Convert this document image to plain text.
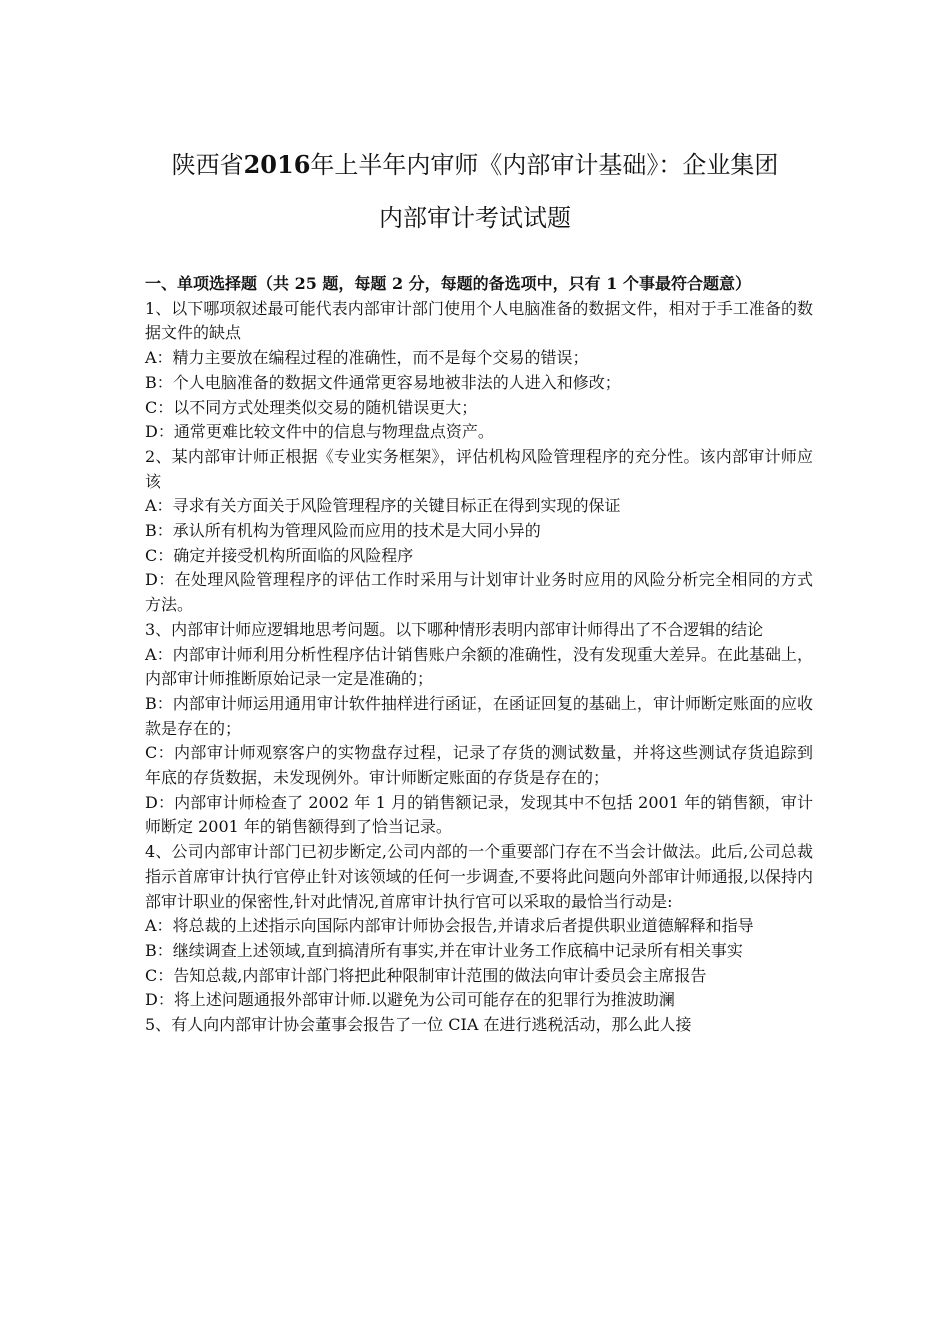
陕西省2016年上半年内审师《内部审计基础》：企业集团
内部审计考试试题

一、单项选择题（共 25 题，每题 2 分，每题的备选项中，只有 1 个事最符合题意）

1、以下哪项叙述最可能代表内部审计部门使用个人电脑准备的数据文件，相对于手工准备的数据文件的缺点

A：精力主要放在编程过程的准确性，而不是每个交易的错误；

B：个人电脑准备的数据文件通常更容易地被非法的人进入和修改；

C：以不同方式处理类似交易的随机错误更大；

D：通常更难比较文件中的信息与物理盘点资产。

2、某内部审计师正根据《专业实务框架》，评估机构风险管理程序的充分性。该内部审计师应该

A：寻求有关方面关于风险管理程序的关键目标正在得到实现的保证

B：承认所有机构为管理风险而应用的技术是大同小异的

C：确定并接受机构所面临的风险程序

D：在处理风险管理程序的评估工作时采用与计划审计业务时应用的风险分析完全相同的方式方法。

3、内部审计师应逻辑地思考问题。以下哪种情形表明内部审计师得出了不合逻辑的结论

A：内部审计师利用分析性程序估计销售账户余额的准确性，没有发现重大差异。在此基础上，内部审计师推断原始记录一定是准确的；

B：内部审计师运用通用审计软件抽样进行函证，在函证回复的基础上，审计师断定账面的应收款是存在的；

C：内部审计师观察客户的实物盘存过程，记录了存货的测试数量，并将这些测试存货追踪到年底的存货数据，未发现例外。审计师断定账面的存货是存在的；

D：内部审计师检查了 2002 年 1 月的销售额记录，发现其中不包括 2001 年的销售额，审计师断定 2001 年的销售额得到了恰当记录。

4、公司内部审计部门已初步断定,公司内部的一个重要部门存在不当会计做法。此后,公司总裁指示首席审计执行官停止针对该领域的任何一步调查,不要将此问题向外部审计师通报,以保持内部审计职业的保密性,针对此情况,首席审计执行官可以采取的最恰当行动是:

A：将总裁的上述指示向国际内部审计师协会报告,并请求后者提供职业道德解释和指导

B：继续调查上述领域,直到搞清所有事实,并在审计业务工作底稿中记录所有相关事实

C：告知总裁,内部审计部门将把此种限制审计范围的做法向审计委员会主席报告

D：将上述问题通报外部审计师.以避免为公司可能存在的犯罪行为推波助澜

5、有人向内部审计协会董事会报告了一位 CIA 在进行逃税活动，那么此人接
